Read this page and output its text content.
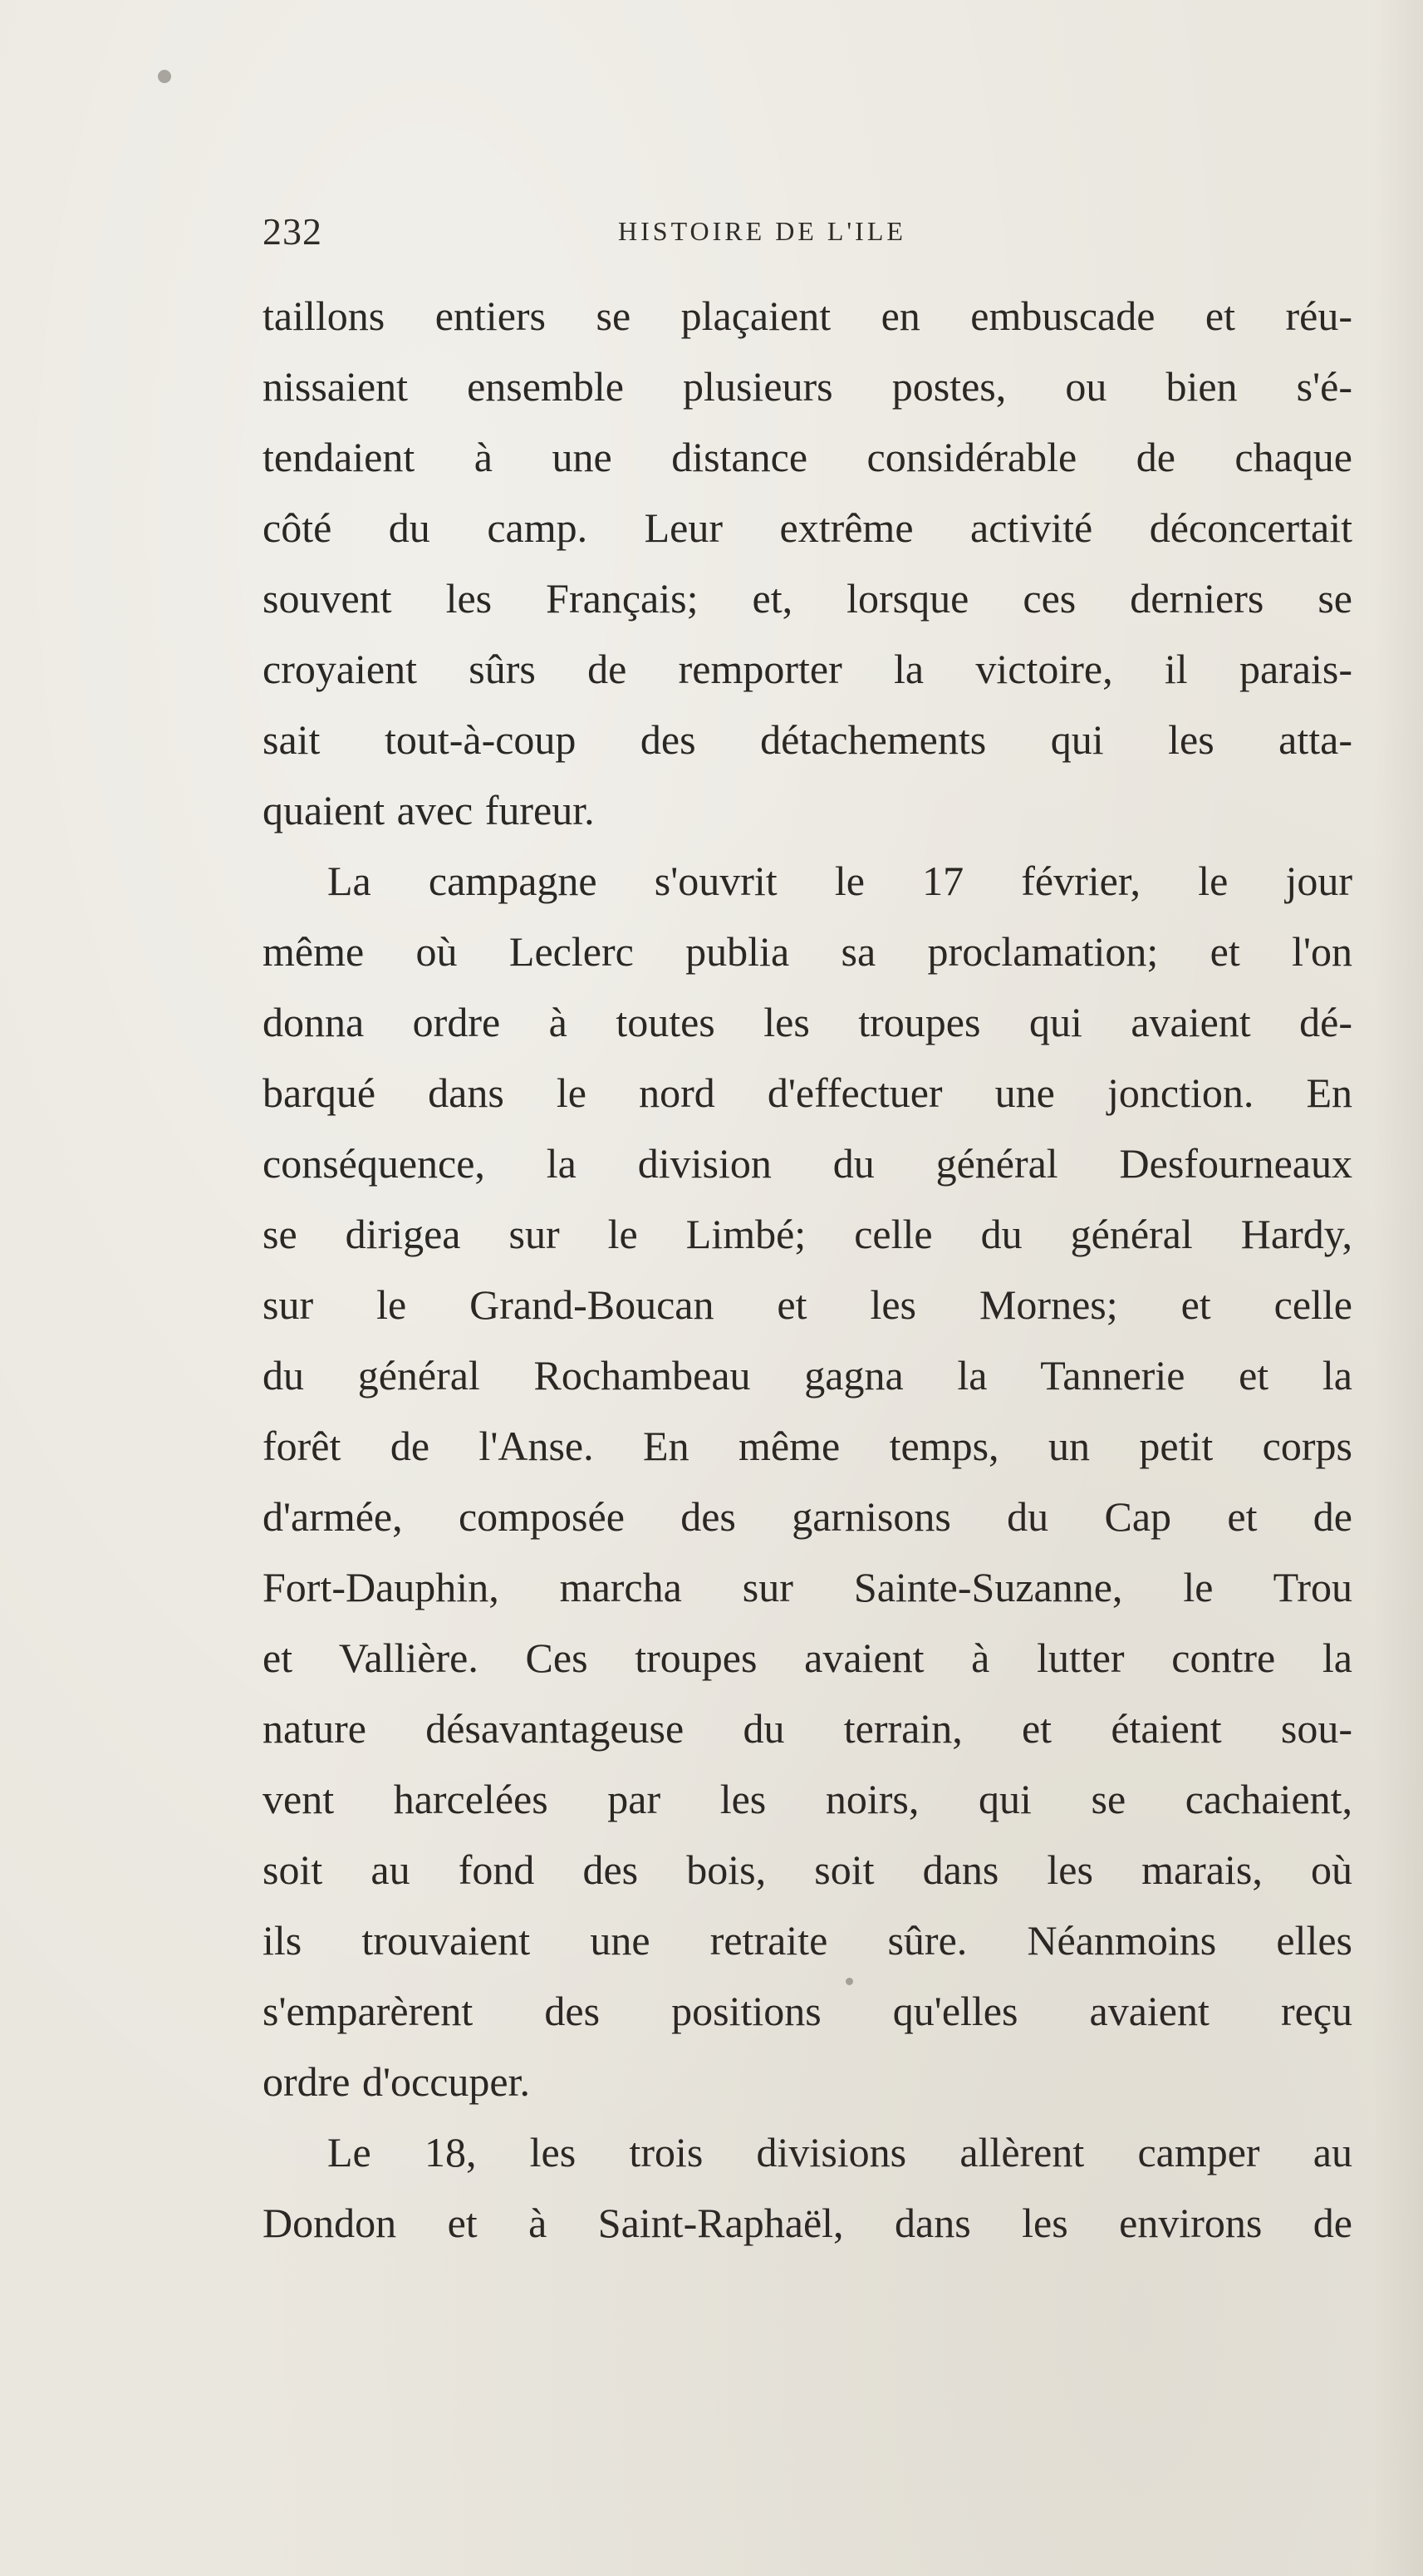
232	HISTOIRE DE L'ILE
taillons entiers se plaçaient en embuscade et réu-
nissaient ensemble plusieurs postes, ou bien s'é-
tendaient à une distance considérable de chaque
côté du camp. Leur extrême activité déconcertait
souvent les Français; et, lorsque ces derniers se
croyaient sûrs de remporter la victoire, il parais-
sait tout-à-coup des détachements qui les atta-
quaient avec fureur.
La campagne s'ouvrit le 17 février, le jour
même où Leclerc publia sa proclamation; et l'on
donna ordre à toutes les troupes qui avaient dé-
barqué dans le nord d'effectuer une jonction. En
conséquence, la division du général Desfourneaux
se dirigea sur le Limbé; celle du général Hardy,
sur le Grand-Boucan et les Mornes; et celle
du général Rochambeau gagna la Tannerie et la
forêt de l'Anse. En même temps, un petit corps
d'armée, composée des garnisons du Cap et de
Fort-Dauphin, marcha sur Sainte-Suzanne, le Trou
et Vallière. Ces troupes avaient à lutter contre la
nature désavantageuse du terrain, et étaient sou-
vent harcelées par les noirs, qui se cachaient,
soit au fond des bois, soit dans les marais, où
ils trouvaient une retraite sûre. Néanmoins elles
s'emparèrent des positions qu'elles avaient reçu
ordre d'occuper.
Le 18, les trois divisions allèrent camper au
Dondon et à Saint-Raphaël, dans les environs de
